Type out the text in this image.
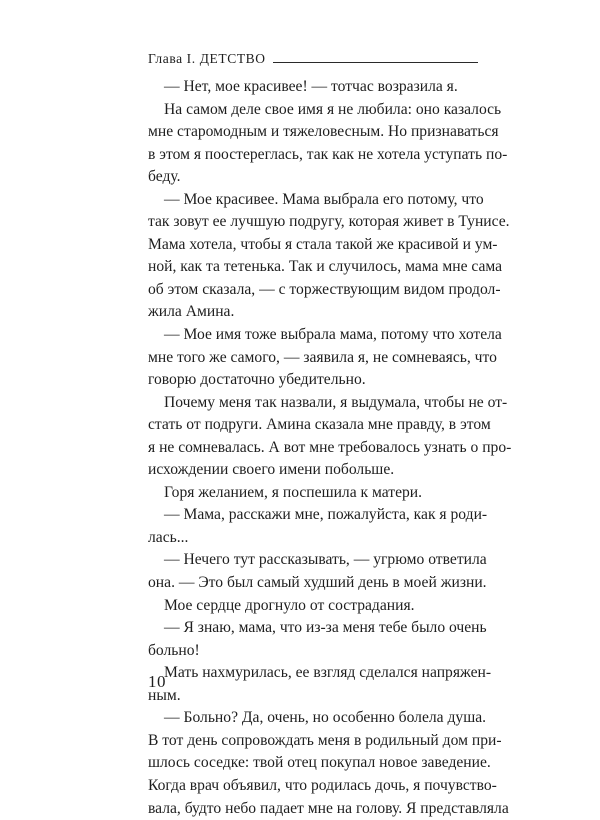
Глава I. ДЕТСТВО
— Нет, мое красивее! — тотчас возразила я.
На самом деле свое имя я не любила: оно казалось
мне старомодным и тяжеловесным. Но признаваться
в этом я поостереглась, так как не хотела уступать по-
беду.
— Мое красивее. Мама выбрала его потому, что
так зовут ее лучшую подругу, которая живет в Тунисе.
Мама хотела, чтобы я стала такой же красивой и ум-
ной, как та тетенька. Так и случилось, мама мне сама
об этом сказала, — с торжествующим видом продол-
жила Амина.
— Мое имя тоже выбрала мама, потому что хотела
мне того же самого, — заявила я, не сомневаясь, что
говорю достаточно убедительно.
Почему меня так назвали, я выдумала, чтобы не от-
стать от подруги. Амина сказала мне правду, в этом
я не сомневалась. А вот мне требовалось узнать о про-
исхождении своего имени побольше.
Горя желанием, я поспешила к матери.
— Мама, расскажи мне, пожалуйста, как я роди-
лась...
— Нечего тут рассказывать, — угрюмо ответила
она. — Это был самый худший день в моей жизни.
Мое сердце дрогнуло от сострадания.
— Я знаю, мама, что из-за меня тебе было очень
больно!
Мать нахмурилась, ее взгляд сделался напряжен-
ным.
— Больно? Да, очень, но особенно болела душа.
В тот день сопровождать меня в родильный дом при-
шлось соседке: твой отец покупал новое заведение.
Когда врач объявил, что родилась дочь, я почувство-
вала, будто небо падает мне на голову. Я представляла
10
